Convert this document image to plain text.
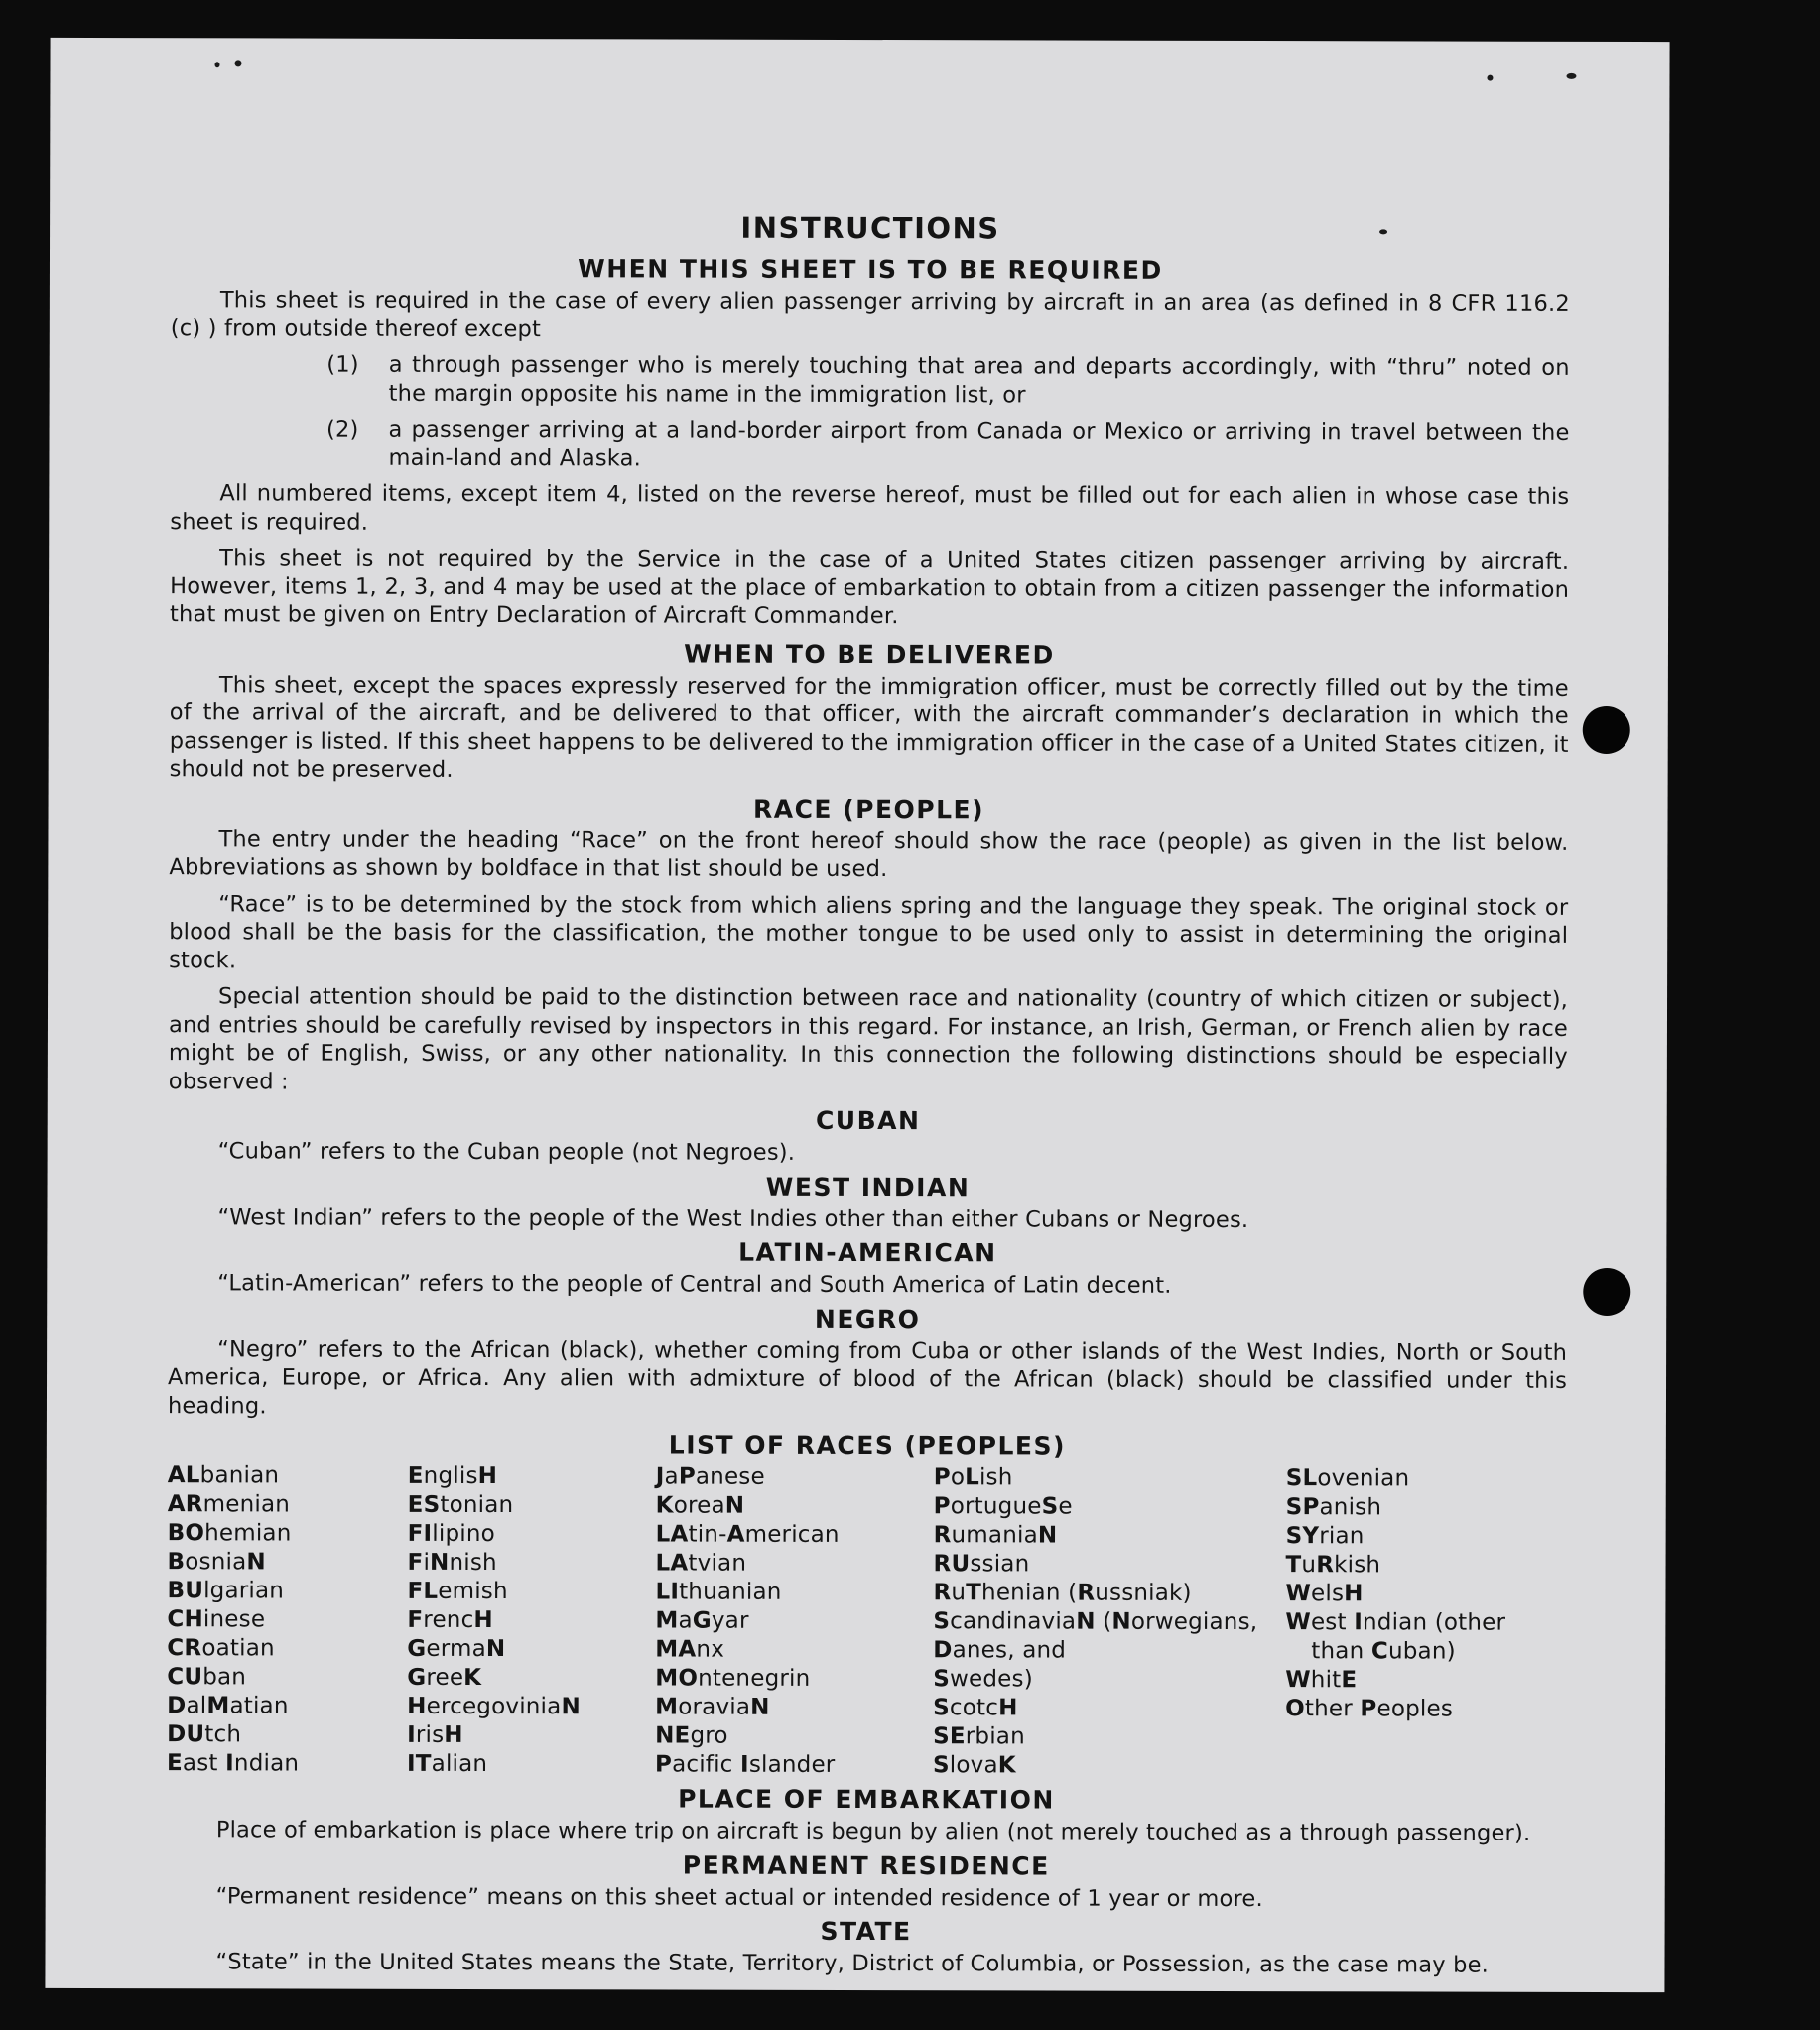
INSTRUCTIONS
WHEN THIS SHEET IS TO BE REQUIRED

This sheet is required in the case of every alien passenger arriving by aircraft in an area (as defined in 8 CFR 116.2 (c) ) from outside thereof except

(1)	a through passenger who is merely touching that area and departs accordingly, with “thru” noted on the margin opposite his name in the immigration list, or
(2)	a passenger arriving at a land-border airport from Canada or Mexico or arriving in travel between the main-land and Alaska.

All numbered items, except item 4, listed on the reverse hereof, must be filled out for each alien in whose case this sheet is required.

This sheet is not required by the Service in the case of a United States citizen passenger arriving by aircraft. However, items 1, 2, 3, and 4 may be used at the place of embarkation to obtain from a citizen passenger the information that must be given on Entry Declaration of Aircraft Commander.

WHEN TO BE DELIVERED

This sheet, except the spaces expressly reserved for the immigration officer, must be correctly filled out by the time of the arrival of the aircraft, and be delivered to that officer, with the aircraft commander’s declaration in which the passenger is listed. If this sheet happens to be delivered to the immigration officer in the case of a United States citizen, it should not be preserved.

RACE (PEOPLE)

The entry under the heading “Race” on the front hereof should show the race (people) as given in the list below. Abbreviations as shown by boldface in that list should be used.

“Race” is to be determined by the stock from which aliens spring and the language they speak. The original stock or blood shall be the basis for the classification, the mother tongue to be used only to assist in determining the original stock.

Special attention should be paid to the distinction between race and nationality (country of which citizen or subject), and entries should be carefully revised by inspectors in this regard. For instance, an Irish, German, or French alien by race might be of English, Swiss, or any other nationality. In this connection the following distinctions should be especially observed :

CUBAN
“Cuban” refers to the Cuban people (not Negroes).
WEST INDIAN
“West Indian” refers to the people of the West Indies other than either Cubans or Negroes.
LATIN-AMERICAN
“Latin-American” refers to the people of Central and South America of Latin decent.
NEGRO

“Negro” refers to the African (black), whether coming from Cuba or other islands of the West Indies, North or South America, Europe, or Africa. Any alien with admixture of blood of the African (black) should be classified under this heading.

LIST OF RACES (PEOPLES)
ALbanian
ARmenian
BOhemian
BosniaN
BUlgarian
CHinese
CRoatian
CUban
DalMatian
DUtch
East Indian
EnglisH
EStonian
FIlipino
FiNnish
FLemish
FrencH
GermaN
GreeK
HercegoviniaN
IrisH
ITalian
JaPanese
KoreaN
LAtin-American
LAtvian
LIthuanian
MaGyar
MAnx
MOntenegrin
MoraviaN
NEgro
Pacific Islander
PoLish
PortugueSe
RumaniaN
RUssian
RuThenian (Russniak)
ScandinaviaN (Norwegians,
Danes, and
Swedes)
ScotcH
SErbian
SlovaK
SLovenian
SPanish
SYrian
TuRkish
WelsH
West Indian (other
than Cuban)
WhitE
Other Peoples
PLACE OF EMBARKATION
Place of embarkation is place where trip on aircraft is begun by alien (not merely touched as a through passenger).
PERMANENT RESIDENCE
“Permanent residence” means on this sheet actual or intended residence of 1 year or more.
STATE
“State” in the United States means the State, Territory, District of Columbia, or Possession, as the case may be.
